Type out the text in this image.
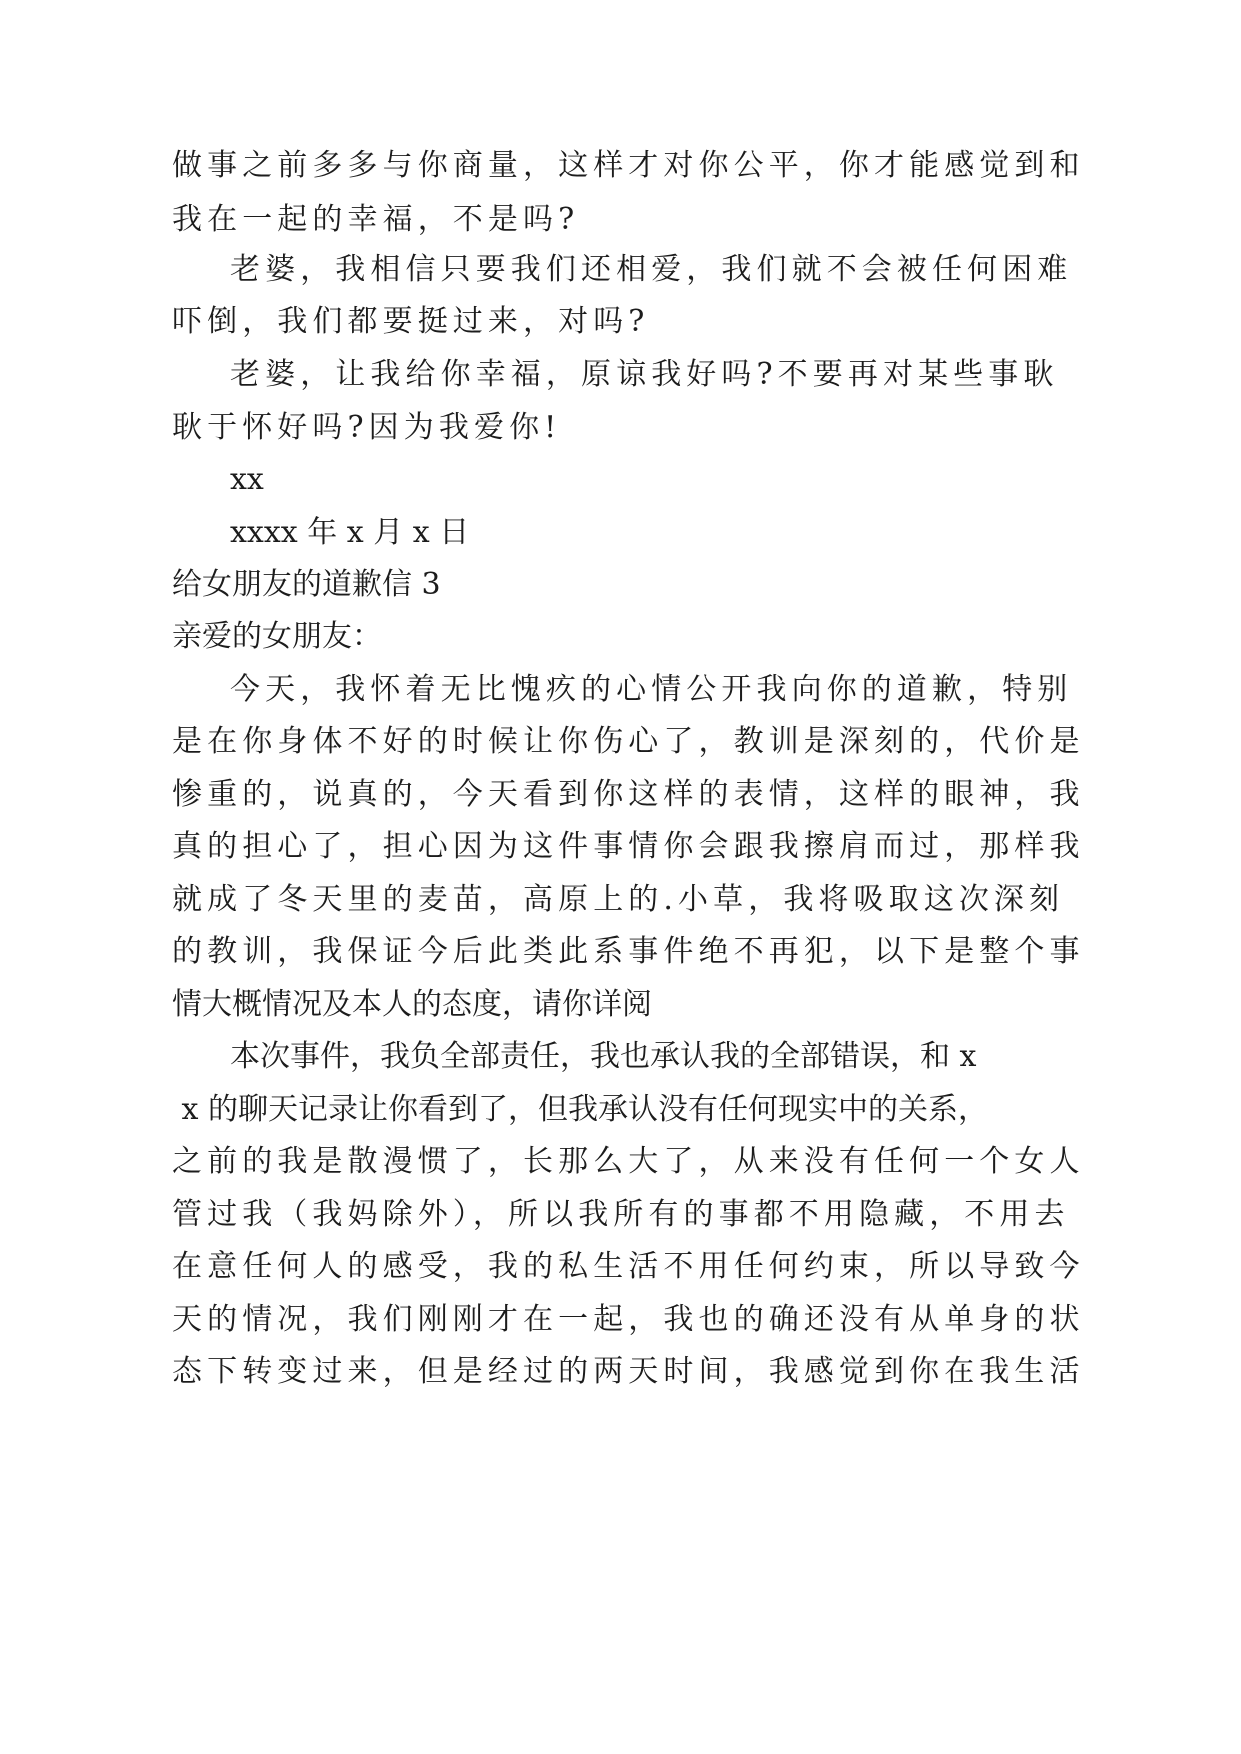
做事之前多多与你商量，这样才对你公平，你才能感觉到和
我在一起的幸福，不是吗?
老婆，我相信只要我们还相爱，我们就不会被任何困难
吓倒，我们都要挺过来，对吗?
老婆，让我给你幸福，原谅我好吗?不要再对某些事耿
耿于怀好吗?因为我爱你!
xx
xxxx 年 x 月 x 日
给女朋友的道歉信 3
亲爱的女朋友：
今天，我怀着无比愧疚的心情公开我向你的道歉，特别
是在你身体不好的时候让你伤心了，教训是深刻的，代价是
惨重的，说真的，今天看到你这样的表情，这样的眼神，我
真的担心了，担心因为这件事情你会跟我擦肩而过，那样我
就成了冬天里的麦苗，高原上的.小草，我将吸取这次深刻
的教训，我保证今后此类此系事件绝不再犯，以下是整个事
情大概情况及本人的态度，请你详阅
本次事件，我负全部责任，我也承认我的全部错误，和 x
x 的聊天记录让你看到了，但我承认没有任何现实中的关系，
之前的我是散漫惯了，长那么大了，从来没有任何一个女人
管过我（我妈除外），所以我所有的事都不用隐藏，不用去
在意任何人的感受，我的私生活不用任何约束，所以导致今
天的情况，我们刚刚才在一起，我也的确还没有从单身的状
态下转变过来，但是经过的两天时间，我感觉到你在我生活
